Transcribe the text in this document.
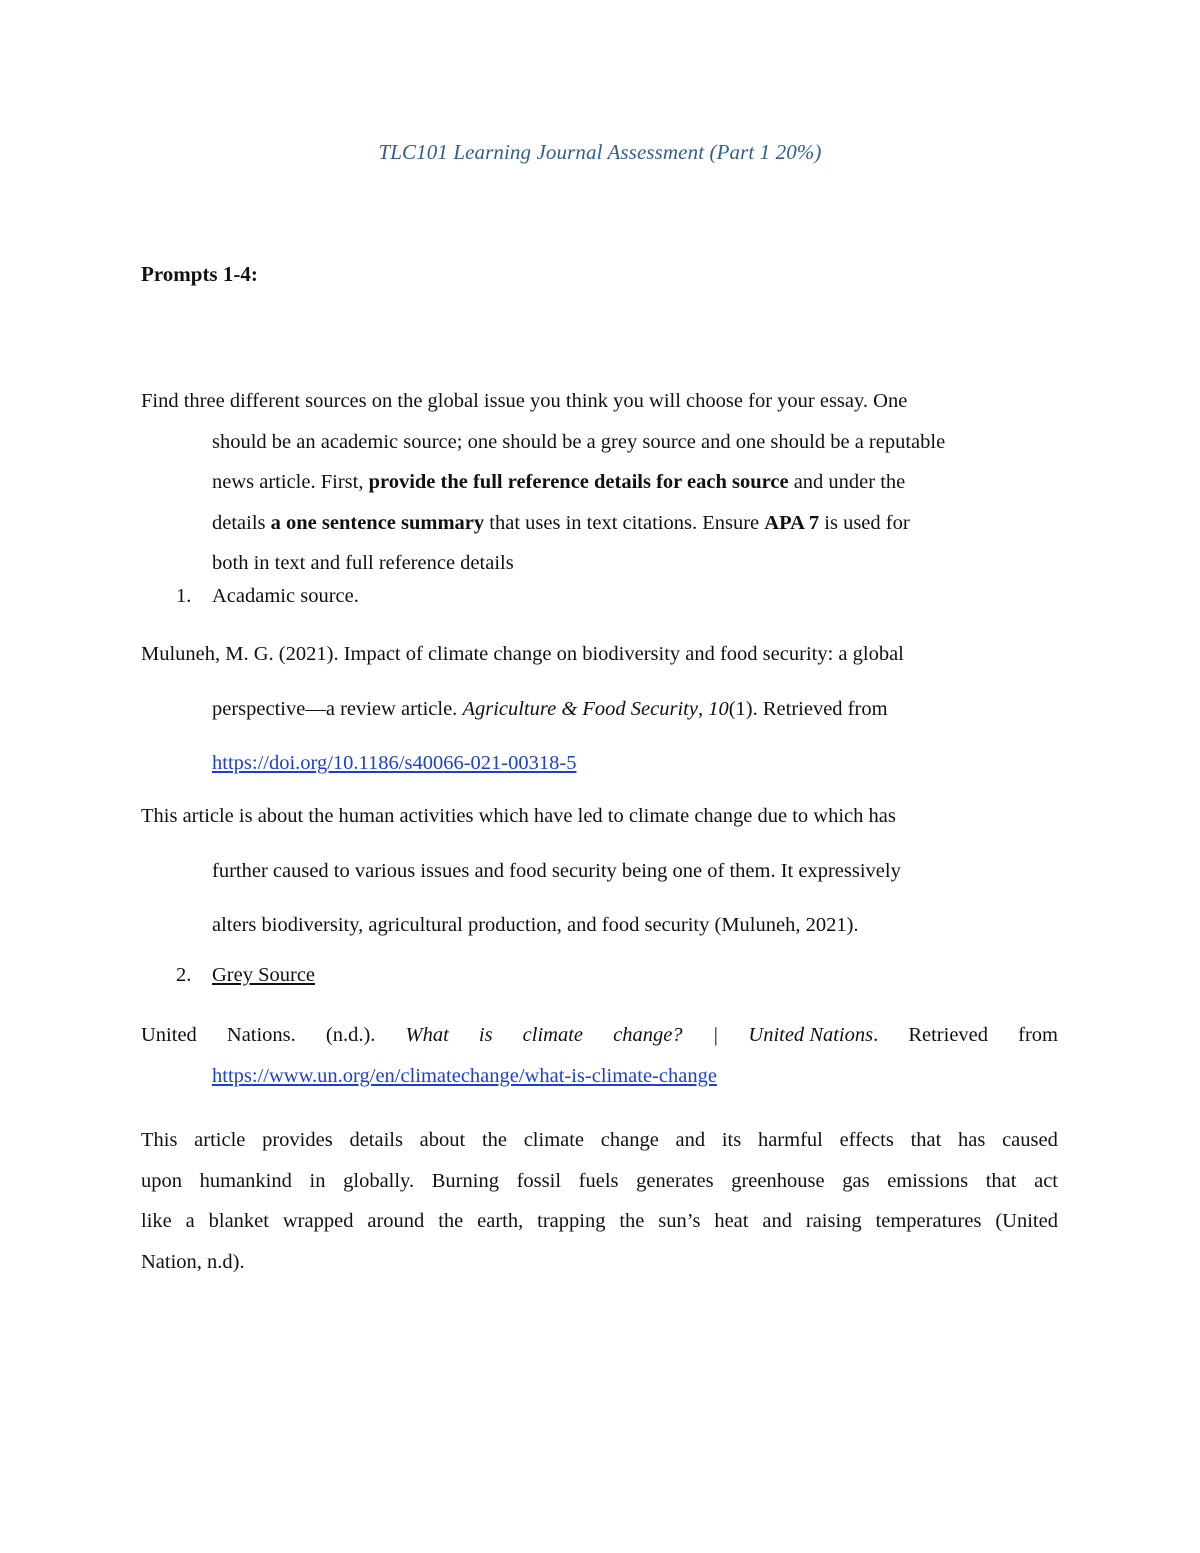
TLC101 Learning Journal Assessment (Part 1 20%)
Prompts 1-4:
Find three different sources on the global issue you think you will choose for your essay. One
should be an academic source; one should be a grey source and one should be a reputable
news article. First, provide the full reference details for each source and under the
details a one sentence summary that uses in text citations. Ensure APA 7 is used for
both in text and full reference details
1. Acadamic source.
Muluneh, M. G. (2021). Impact of climate change on biodiversity and food security: a global
perspective—a review article. Agriculture & Food Security, 10(1). Retrieved from
https://doi.org/10.1186/s40066-021-00318-5
This article is about the human activities which have led to climate change due to which has
further caused to various issues and food security being one of them. It expressively
alters biodiversity, agricultural production, and food security (Muluneh, 2021).
2. Grey Source
United Nations. (n.d.). What is climate change? | United Nations. Retrieved from
https://www.un.org/en/climatechange/what-is-climate-change
This article provides details about the climate change and its harmful effects that has caused
upon humankind in globally. Burning fossil fuels generates greenhouse gas emissions that act
like a blanket wrapped around the earth, trapping the sun’s heat and raising temperatures (United
Nation, n.d).
